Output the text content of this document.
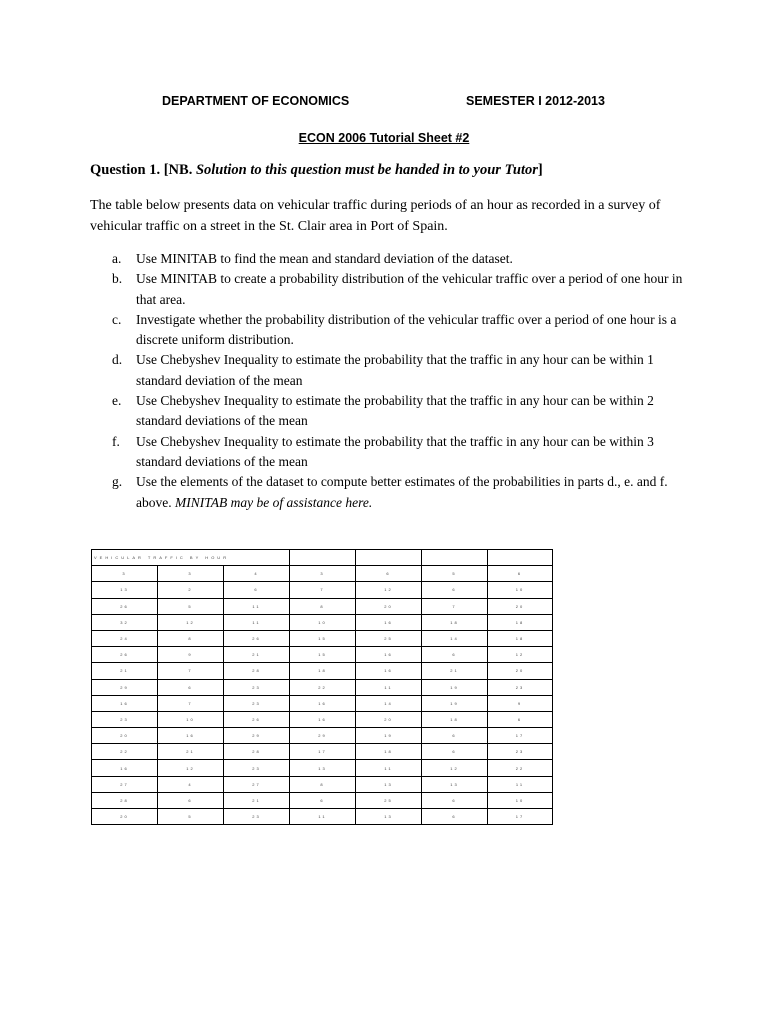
DEPARTMENT OF ECONOMICS	SEMESTER I 2012-2013
ECON 2006 Tutorial Sheet #2
Question 1. [NB. Solution to this question must be handed in to your Tutor]
The table below presents data on vehicular traffic during periods of an hour as recorded in a survey of vehicular traffic on a street in the St. Clair area in Port of Spain.
a.	Use MINITAB to find the mean and standard deviation of the dataset.
b.	Use MINITAB to create a probability distribution of the vehicular traffic over a period of one hour in that area.
c.	Investigate whether the probability distribution of the vehicular traffic over a period of one hour is a discrete uniform distribution.
d.	Use Chebyshev Inequality to estimate the probability that the traffic in any hour can be within 1 standard deviation of the mean
e.	Use Chebyshev Inequality to estimate the probability that the traffic in any hour can be within 2 standard deviations of the mean
f.	Use Chebyshev Inequality to estimate the probability that the traffic in any hour can be within 3 standard deviations of the mean
g.	Use the elements of the dataset to compute better estimates of the probabilities in parts d., e. and f. above. MINITAB may be of assistance here.
VEHICULAR TRAFFIC BY HOUR						
3	3	4	3	6	5	6
13	2	6	7	12	6	10
26	5	11	8	20	7	20
32	12	11	10	16	18	18
24	8	26	15	25	14	18
26	9	21	15	16	6	12
21	7	28	18	16	21	20
29	6	23	22	11	19	23
16	7	23	16	14	19	9
23	10	26	16	20	18	6
20	16	29	29	19	6	17
22	21	28	17	18	6	23
16	12	23	13	11	12	22
27	4	27	8	13	13	11
28	6	21	6	25	6	10
20	5	23	11	13	6	17
